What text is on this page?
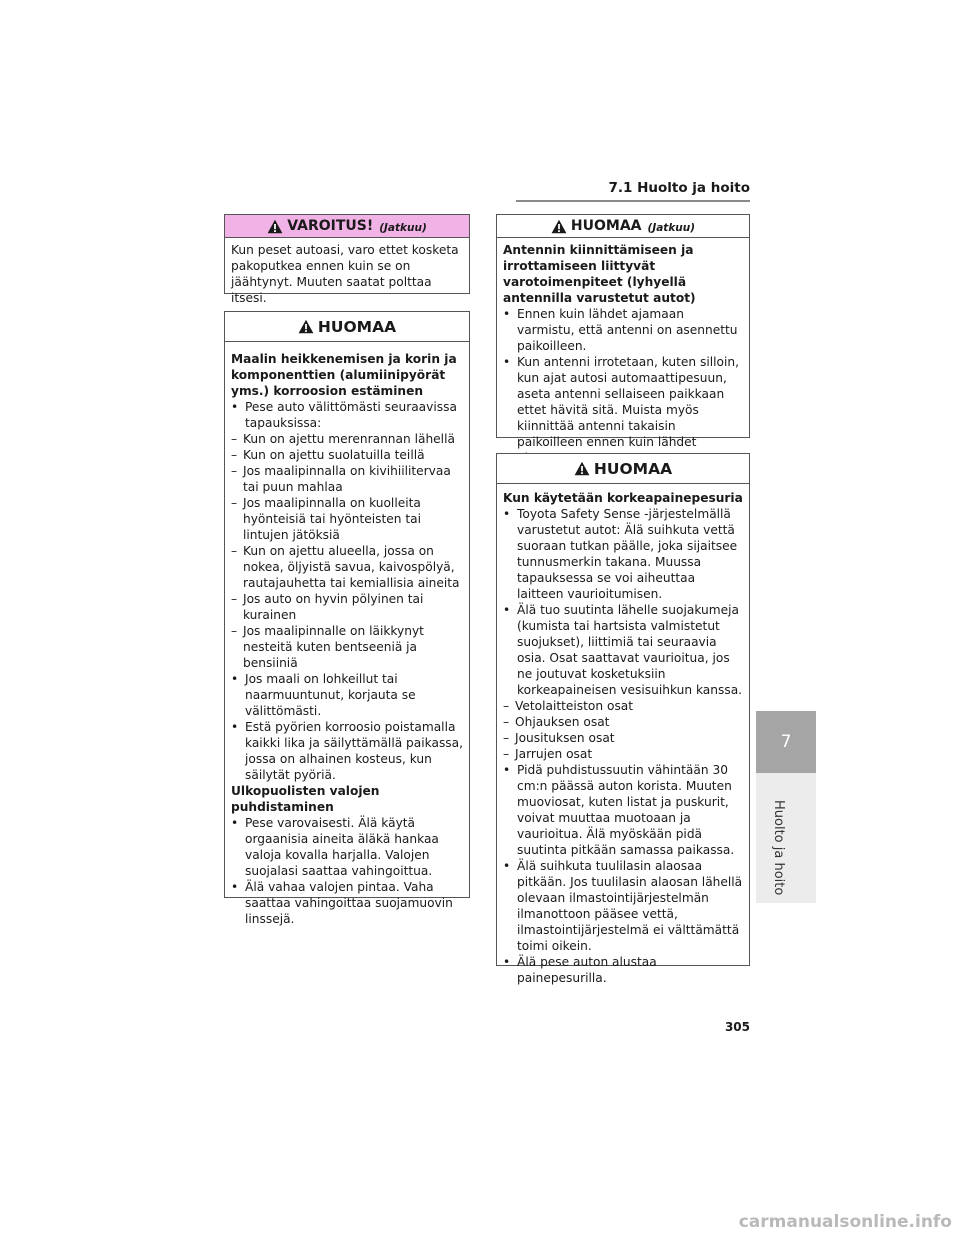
7.1 Huolto ja hoito
VAROITUS! (Jatkuu)

Kun peset autoasi, varo ettet kosketa pakoputkea ennen kuin se on jäähtynyt. Muuten saatat polttaa itsesi.

HUOMAA

Maalin heikkenemisen ja korin ja komponenttien (alumiinipyörät yms.) korroosion estäminen

• Pese auto välittömästi seuraavissa tapauksissa:

– Kun on ajettu merenrannan lähellä

– Kun on ajettu suolatuilla teillä

– Jos maalipinnalla on kivihiilitervaa tai puun mahlaa

– Jos maalipinnalla on kuolleita hyönteisiä tai hyönteisten tai lintujen jätöksiä

– Kun on ajettu alueella, jossa on nokea, öljyistä savua, kaivospölyä, rautajauhetta tai kemiallisia aineita

– Jos auto on hyvin pölyinen tai kurainen

– Jos maalipinnalle on läikkynyt nesteitä kuten bentseeniä ja bensiiniä

• Jos maali on lohkeillut tai naarmuuntunut, korjauta se välittömästi.

• Estä pyörien korroosio poistamalla kaikki lika ja säilyttämällä paikassa, jossa on alhainen kosteus, kun säilytät pyöriä.

Ulkopuolisten valojen puhdistaminen

• Pese varovaisesti. Älä käytä orgaanisia aineita äläkä hankaa valoja kovalla harjalla. Valojen suojalasi saattaa vahingoittua.

• Älä vahaa valojen pintaa. Vaha saattaa vahingoittaa suojamuovin linssejä.

HUOMAA (Jatkuu)

Antennin kiinnittämiseen ja irrottamiseen liittyvät varotoimenpiteet (lyhyellä antennilla varustetut autot)

• Ennen kuin lähdet ajamaan varmistu, että antenni on asennettu paikoilleen.

• Kun antenni irrotetaan, kuten silloin, kun ajat autosi automaattipesuun, aseta antenni sellaiseen paikkaan ettet hävitä sitä. Muista myös kiinnittää antenni takaisin paikoilleen ennen kuin lähdet

HUOMAA

Kun käytetään korkeapainepesuria

• Toyota Safety Sense -järjestelmällä varustetut autot: Älä suihkuta vettä suoraan tutkan päälle, joka sijaitsee tunnusmerkin takana. Muussa tapauksessa se voi aiheuttaa laitteen vaurioitumisen.

• Älä tuo suutinta lähelle suojakumeja (kumista tai hartsista valmistetut suojukset), liittimiä tai seuraavia osia. Osat saattavat vaurioitua, jos ne joutuvat kosketuksiin korkeapaineisen vesisuihkun kanssa.

– Vetolaitteiston osat

– Ohjauksen osat

– Jousituksen osat

– Jarrujen osat

• Pidä puhdistussuutin vähintään 30 cm:n päässä auton korista. Muuten muoviosat, kuten listat ja puskurit, voivat muuttaa muotoaan ja vaurioitua. Älä myöskään pidä suutinta pitkään samassa paikassa.

• Älä suihkuta tuulilasin alaosaa pitkään. Jos tuulilasin alaosan lähellä olevaan ilmastointijärjestelmän ilmanottoon pääsee vettä, ilmastointijärjestelmä ei välttämättä toimi oikein.

• Älä pese auton alustaa painepesurilla.

7
Huolto ja hoito
305
carmanualsonline.info
